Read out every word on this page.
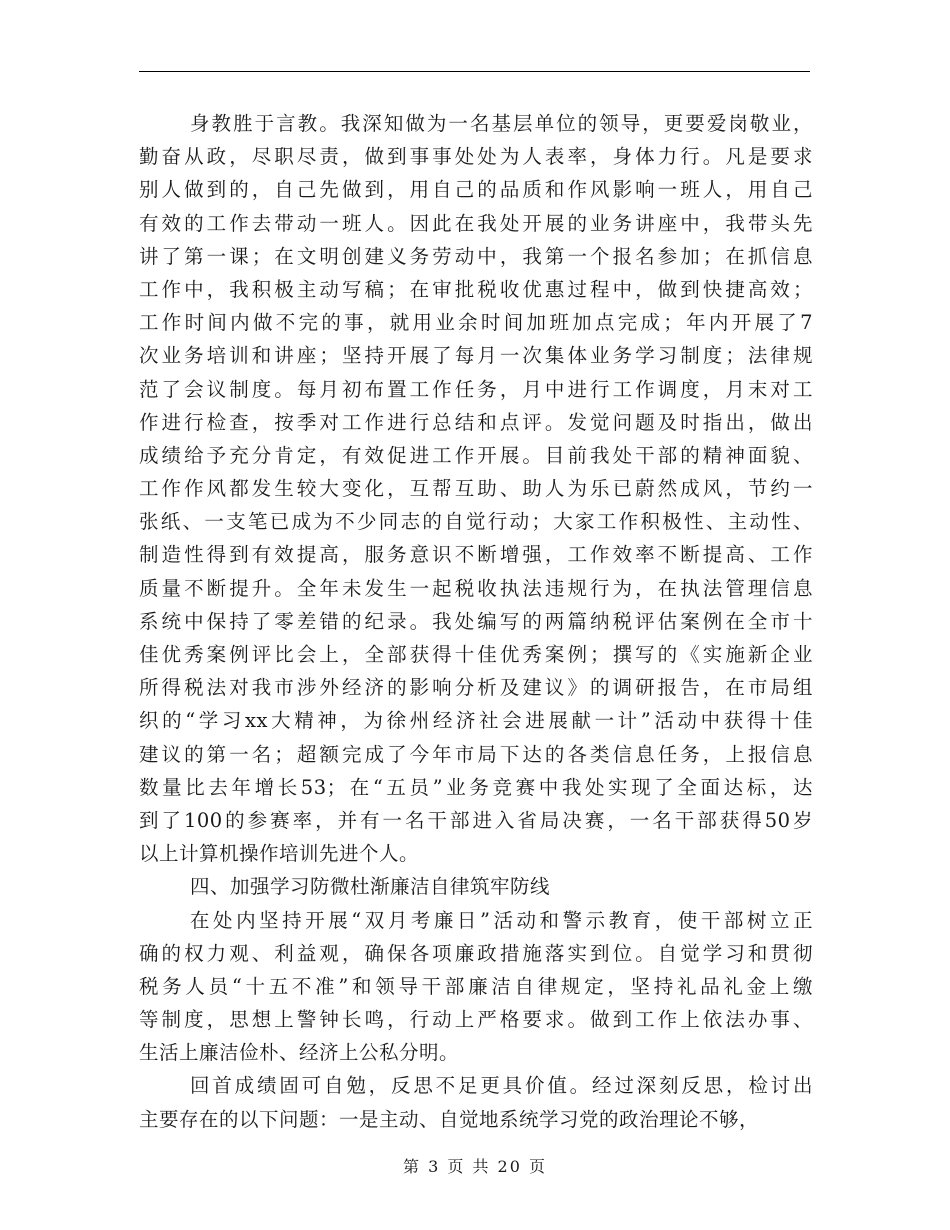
身教胜于言教。我深知做为一名基层单位的领导，更要爱岗敬业，
勤奋从政，尽职尽责，做到事事处处为人表率，身体力行。凡是要求
别人做到的，自己先做到，用自己的品质和作风影响一班人，用自己
有效的工作去带动一班人。因此在我处开展的业务讲座中，我带头先
讲了第一课；在文明创建义务劳动中，我第一个报名参加；在抓信息
工作中，我积极主动写稿；在审批税收优惠过程中，做到快捷高效；
工作时间内做不完的事，就用业余时间加班加点完成；年内开展了7
次业务培训和讲座；坚持开展了每月一次集体业务学习制度；法律规
范了会议制度。每月初布置工作任务，月中进行工作调度，月末对工
作进行检查，按季对工作进行总结和点评。发觉问题及时指出，做出
成绩给予充分肯定，有效促进工作开展。目前我处干部的精神面貌、
工作作风都发生较大变化，互帮互助、助人为乐已蔚然成风，节约一
张纸、一支笔已成为不少同志的自觉行动；大家工作积极性、主动性、
制造性得到有效提高，服务意识不断增强，工作效率不断提高、工作
质量不断提升。全年未发生一起税收执法违规行为，在执法管理信息
系统中保持了零差错的纪录。我处编写的两篇纳税评估案例在全市十
佳优秀案例评比会上，全部获得十佳优秀案例；撰写的《实施新企业
所得税法对我市涉外经济的影响分析及建议》的调研报告，在市局组
织的“学习xx大精神，为徐州经济社会进展献一计”活动中获得十佳
建议的第一名；超额完成了今年市局下达的各类信息任务，上报信息
数量比去年增长53；在“五员”业务竞赛中我处实现了全面达标，达
到了100的参赛率，并有一名干部进入省局决赛，一名干部获得50岁
以上计算机操作培训先进个人。
四、加强学习防微杜渐廉洁自律筑牢防线
在处内坚持开展“双月考廉日”活动和警示教育，使干部树立正
确的权力观、利益观，确保各项廉政措施落实到位。自觉学习和贯彻
税务人员“十五不准”和领导干部廉洁自律规定，坚持礼品礼金上缴
等制度，思想上警钟长鸣，行动上严格要求。做到工作上依法办事、
生活上廉洁俭朴、经济上公私分明。
回首成绩固可自勉，反思不足更具价值。经过深刻反思，检讨出
主要存在的以下问题：一是主动、自觉地系统学习党的政治理论不够，
第 3 页 共 20 页
